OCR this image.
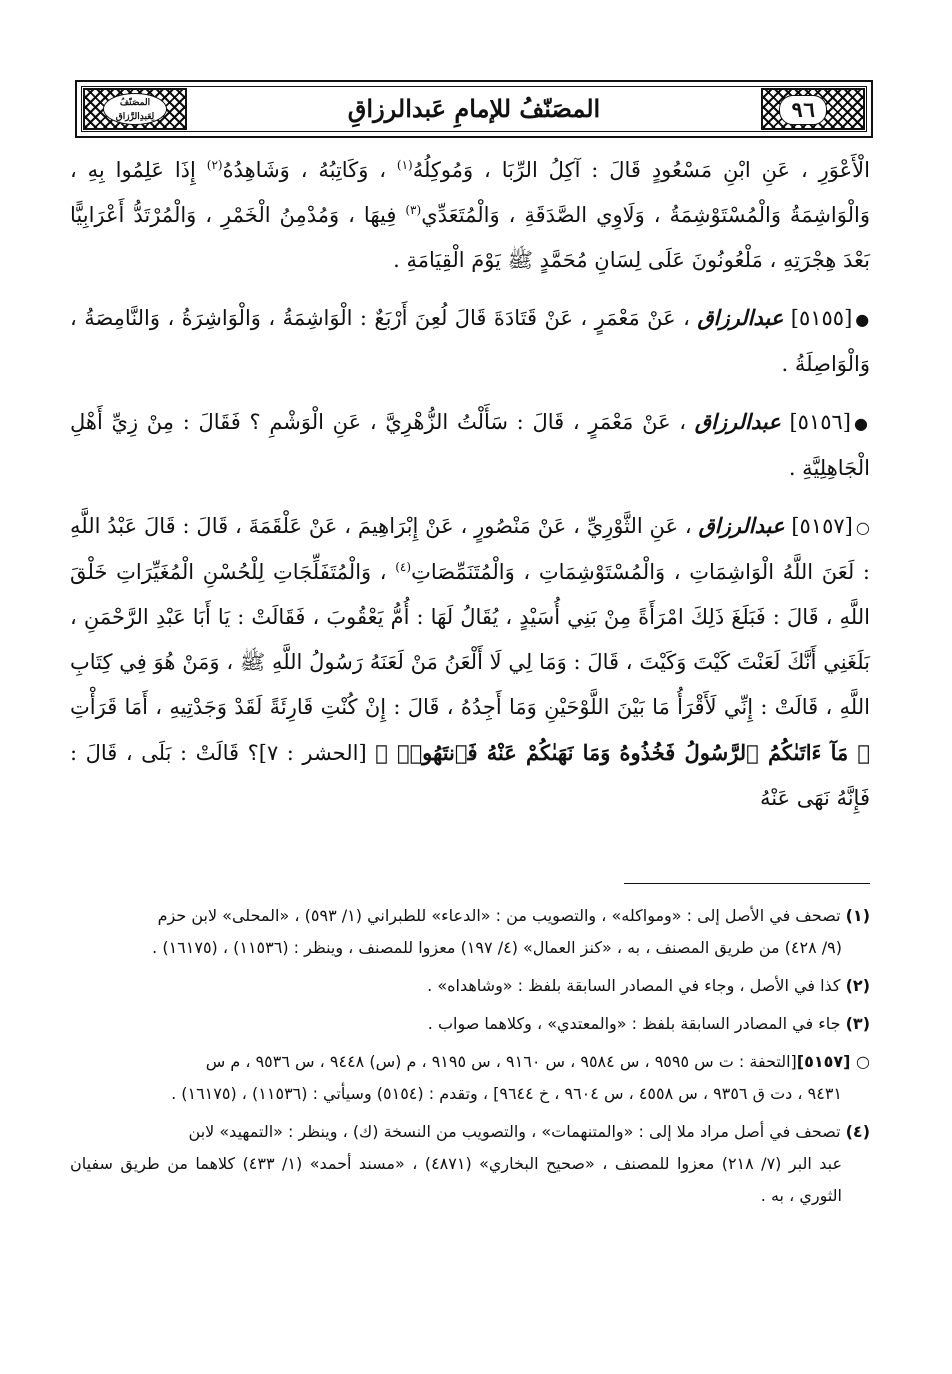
٩٦
المصَنّفُ
لِعَبدِالرَّزاقِ	المصَنّفُ للإمامِ عَبدالرزاقِ

الْأَعْوَرِ ، عَنِ ابْنِ مَسْعُودٍ قَالَ : آكِلُ الرِّبَا ، وَمُوكِلُهُ$^{(١)}$ ، وَكَاتِبُهُ ، وَشَاهِدُهُ$^{(٢)}$ إِذَا عَلِمُوا بِهِ ، وَالْوَاشِمَةُ وَالْمُسْتَوْشِمَةُ ، وَلَاوِي الصَّدَقَةِ ، وَالْمُتَعَدِّي$^{(٣)}$ فِيهَا ، وَمُدْمِنُ الْخَمْرِ ، وَالْمُرْتَدُّ أَعْرَابِيًّا بَعْدَ هِجْرَتِهِ ، مَلْعُونُونَ عَلَى لِسَانِ مُحَمَّدٍ ﷺ يَوْمَ الْقِيَامَةِ .

●[٥١٥٥] عبدالرزاق ، عَنْ مَعْمَرٍ ، عَنْ قَتَادَةَ قَالَ لُعِنَ أَرْبَعٌ : الْوَاشِمَةُ ، وَالْوَاشِرَةُ ، وَالنَّامِصَةُ ، وَالْوَاصِلَةُ .

●[٥١٥٦] عبدالرزاق ، عَنْ مَعْمَرٍ ، قَالَ : سَأَلْتُ الزُّهْرِيَّ ، عَنِ الْوَشْمِ ؟ فَقَالَ : مِنْ زِيِّ أَهْلِ الْجَاهِلِيَّةِ .

○[٥١٥٧] عبدالرزاق ، عَنِ الثَّوْرِيِّ ، عَنْ مَنْصُورٍ ، عَنْ إِبْرَاهِيمَ ، عَنْ عَلْقَمَةَ ، قَالَ : قَالَ عَبْدُ اللَّهِ : لَعَنَ اللَّهُ الْوَاشِمَاتِ ، وَالْمُسْتَوْشِمَاتِ ، وَالْمُتَنَمِّصَاتِ$^{(٤)}$ ، وَالْمُتَفَلِّجَاتِ لِلْحُسْنِ الْمُغَيِّرَاتِ خَلْقَ اللَّهِ ، قَالَ : فَبَلَغَ ذَلِكَ امْرَأَةً مِنْ بَنِي أُسَيْدٍ ، يُقَالُ لَهَا : أُمُّ يَعْقُوبَ ، فَقَالَتْ : يَا أَبَا عَبْدِ الرَّحْمَنِ ، بَلَغَنِي أَنَّكَ لَعَنْتَ كَيْتَ وَكَيْتَ ، قَالَ : وَمَا لِي لَا أَلْعَنُ مَنْ لَعَنَهُ رَسُولُ اللَّهِ ﷺ ، وَمَنْ هُوَ فِي كِتَابِ اللَّهِ ، قَالَتْ : إِنِّي لَأَقْرَأُ مَا بَيْنَ اللَّوْحَيْنِ وَمَا أَجِدُهُ ، قَالَ : إِنْ كُنْتِ قَارِئَةً لَقَدْ وَجَدْتِيهِ ، أَمَا قَرَأْتِ ﴿ مَآ ءَاتَىٰكُمُ ٱلرَّسُولُ فَخُذُوهُ وَمَا نَهَىٰكُمْ عَنْهُ فَٱنتَهُوا۟ ﴾ [الحشر : ٧]؟ قَالَتْ : بَلَى ، قَالَ : فَإِنَّهُ نَهَى عَنْهُ

(١) تصحف في الأصل إلى : «ومواكله» ، والتصويب من : «الدعاء» للطبراني (١/ ٥٩٣) ، «المحلى» لابن حزم
(٩/ ٤٢٨) من طريق المصنف ، به ، «كنز العمال» (٤/ ١٩٧) معزوا للمصنف ، وينظر : (١١٥٣٦) ، (١٦١٧٥) .
(٢) كذا في الأصل ، وجاء في المصادر السابقة بلفظ : «وشاهداه» .
(٣) جاء في المصادر السابقة بلفظ : «والمعتدي» ، وكلاهما صواب .
○ [٥١٥٧][التحفة : ت س ٩٥٩٥ ، س ٩٥٨٤ ، س ٩١٦٠ ، س ٩١٩٥ ، م (س) ٩٤٤٨ ، س ٩٥٣٦ ، م س
٩٤٣١ ، دت ق ٩٣٥٦ ، س ٤٥٥٨ ، س ٩٦٠٤ ، خ ٩٦٤٤] ، وتقدم : (٥١٥٤) وسيأتي : (١١٥٣٦) ، (١٦١٧٥) .
(٤) تصحف في أصل مراد ملا إلى : «والمتنهمات» ، والتصويب من النسخة (ك) ، وينظر : «التمهيد» لابن
عبد البر (٧/ ٢١٨) معزوا للمصنف ، «صحيح البخاري» (٤٨٧١) ، «مسند أحمد» (١/ ٤٣٣) كلاهما من طريق سفيان الثوري ، به .
